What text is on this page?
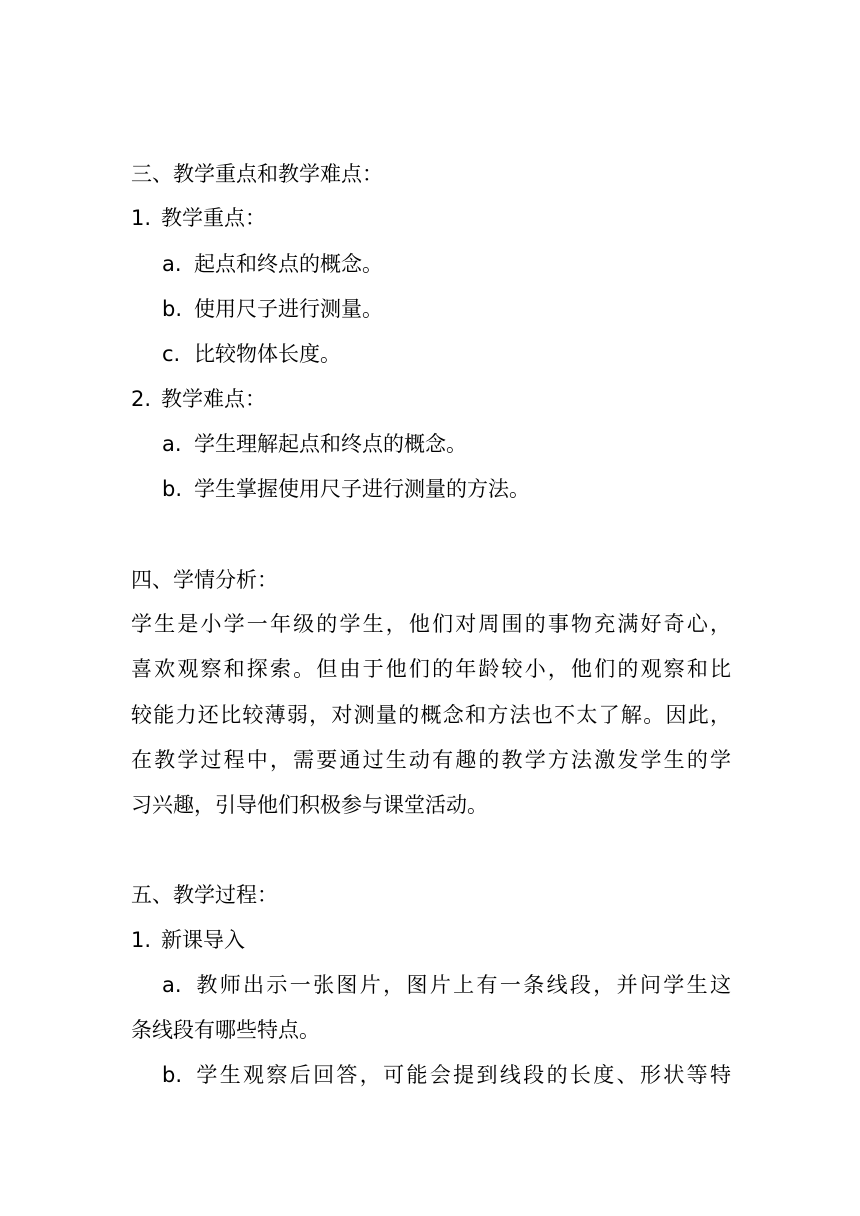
三、教学重点和教学难点：
1. 教学重点：
a. 起点和终点的概念。
b. 使用尺子进行测量。
c. 比较物体长度。
2. 教学难点：
a. 学生理解起点和终点的概念。
b. 学生掌握使用尺子进行测量的方法。
四、学情分析：
学生是小学一年级的学生，他们对周围的事物充满好奇心，
喜欢观察和探索。但由于他们的年龄较小，他们的观察和比
较能力还比较薄弱，对测量的概念和方法也不太了解。因此，
在教学过程中，需要通过生动有趣的教学方法激发学生的学
习兴趣，引导他们积极参与课堂活动。
五、教学过程：
1. 新课导入
a. 教师出示一张图片，图片上有一条线段，并问学生这
条线段有哪些特点。
b. 学生观察后回答，可能会提到线段的长度、形状等特
